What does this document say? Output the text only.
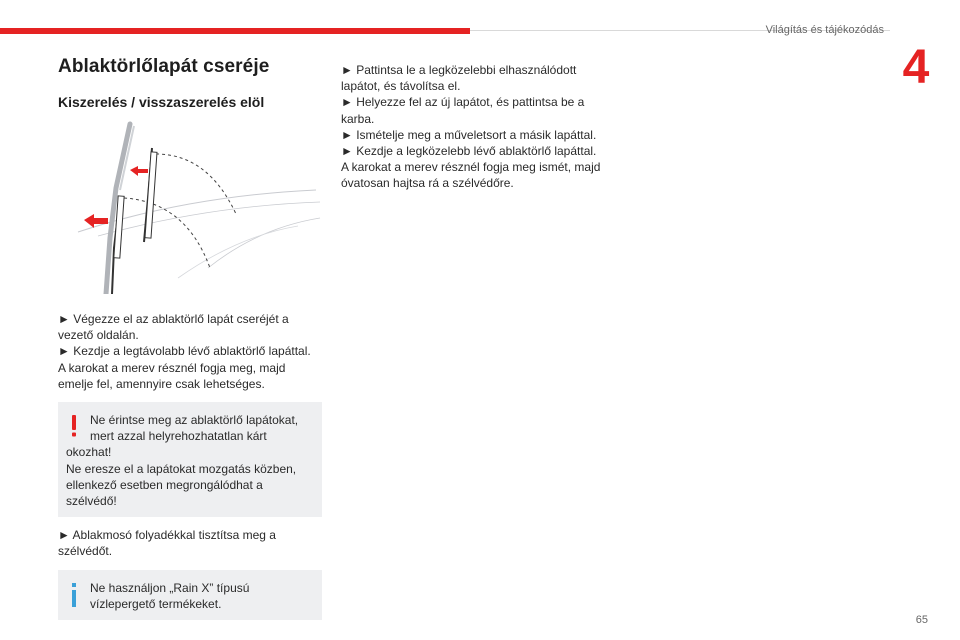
Világítás és tájékozódás
4
Ablaktörlőlapát cseréje
Kiszerelés / visszaszerelés elöl
► Végezze el az ablaktörlő lapát cseréjét a
vezető oldalán.
► Kezdje a legtávolabb lévő ablaktörlő lapáttal.
A karokat a merev résznél fogja meg, majd
emelje fel, amennyire csak lehetséges.
Ne érintse meg az ablaktörlő lapátokat,
mert azzal helyrehozhatatlan kárt
okozhat!
Ne eresze el a lapátokat mozgatás közben,
ellenkező esetben megrongálódhat a
szélvédő!
► Ablakmosó folyadékkal tisztítsa meg a
szélvédőt.
Ne használjon „Rain X” típusú
vízlepergető termékeket.
► Pattintsa le a legközelebbi elhasználódott
lapátot, és távolítsa el.
► Helyezze fel az új lapátot, és pattintsa be a
karba.
► Ismételje meg a műveletsort a másik lapáttal.
► Kezdje a legközelebb lévő ablaktörlő lapáttal.
A karokat a merev résznél fogja meg ismét, majd
óvatosan hajtsa rá a szélvédőre.
65
